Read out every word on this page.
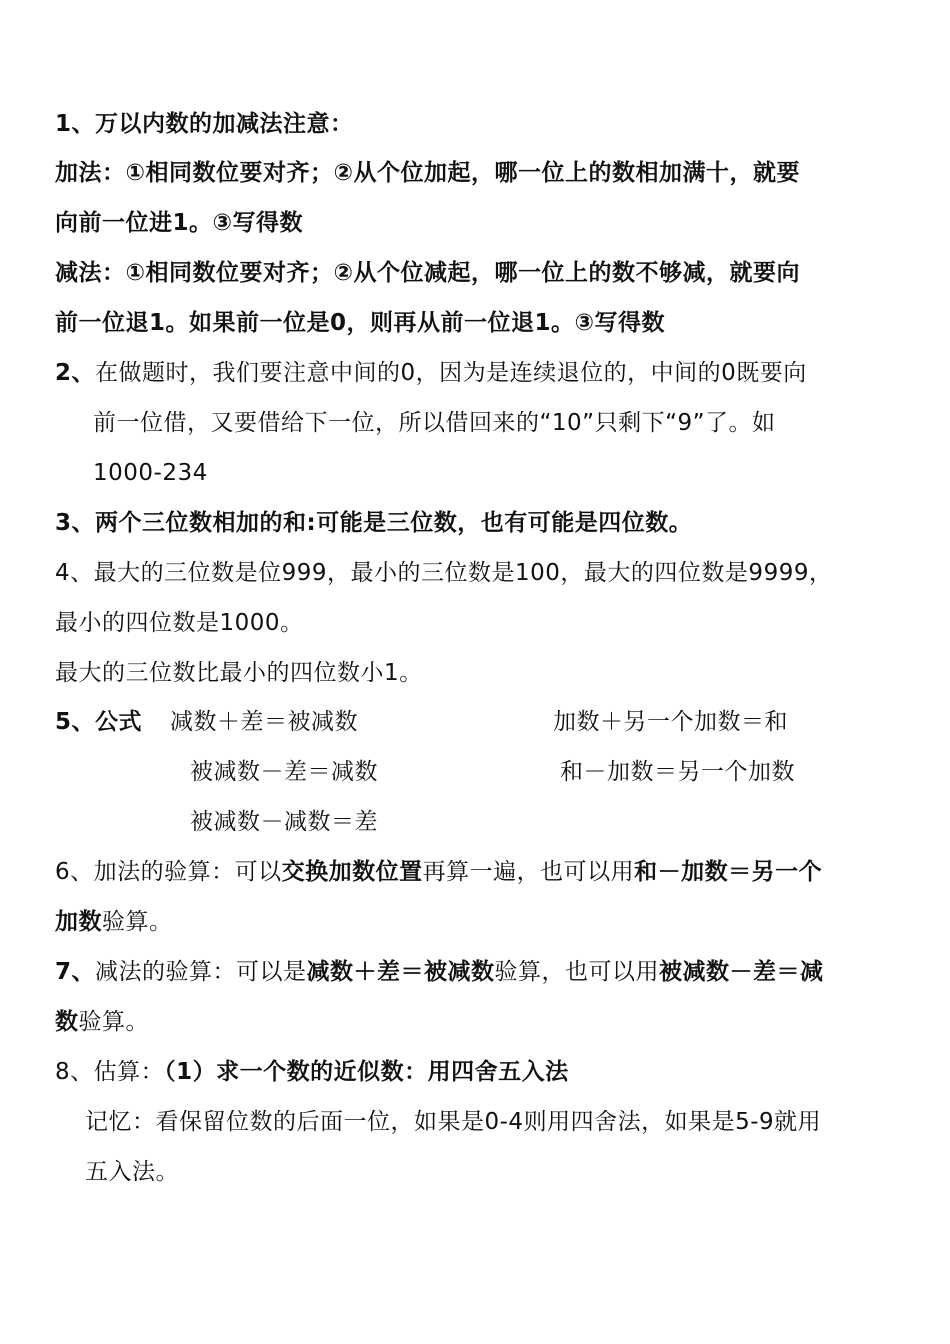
1、万以内数的加减法注意：
加法：①相同数位要对齐；②从个位加起，哪一位上的数相加满十，就要
向前一位进1。③写得数
减法：①相同数位要对齐；②从个位减起，哪一位上的数不够减，就要向
前一位退1。如果前一位是0，则再从前一位退1。③写得数
2、在做题时，我们要注意中间的0，因为是连续退位的，中间的0既要向
前一位借，又要借给下一位，所以借回来的“10”只剩下“9”了。如
1000-234
3、两个三位数相加的和:可能是三位数，也有可能是四位数。
4、最大的三位数是位999，最小的三位数是100，最大的四位数是9999，
最小的四位数是1000。
最大的三位数比最小的四位数小1。
5、公式 减数＋差＝被减数	加数＋另一个加数＝和
被减数－差＝减数	和－加数＝另一个加数
被减数－减数＝差
6、加法的验算：可以交换加数位置再算一遍，也可以用和－加数＝另一个
加数验算。
7、减法的验算：可以是减数＋差＝被减数验算，也可以用被减数－差＝减
数验算。
8、估算：（1）求一个数的近似数：用四舍五入法
记忆：看保留位数的后面一位，如果是0-4则用四舍法，如果是5-9就用
五入法。
